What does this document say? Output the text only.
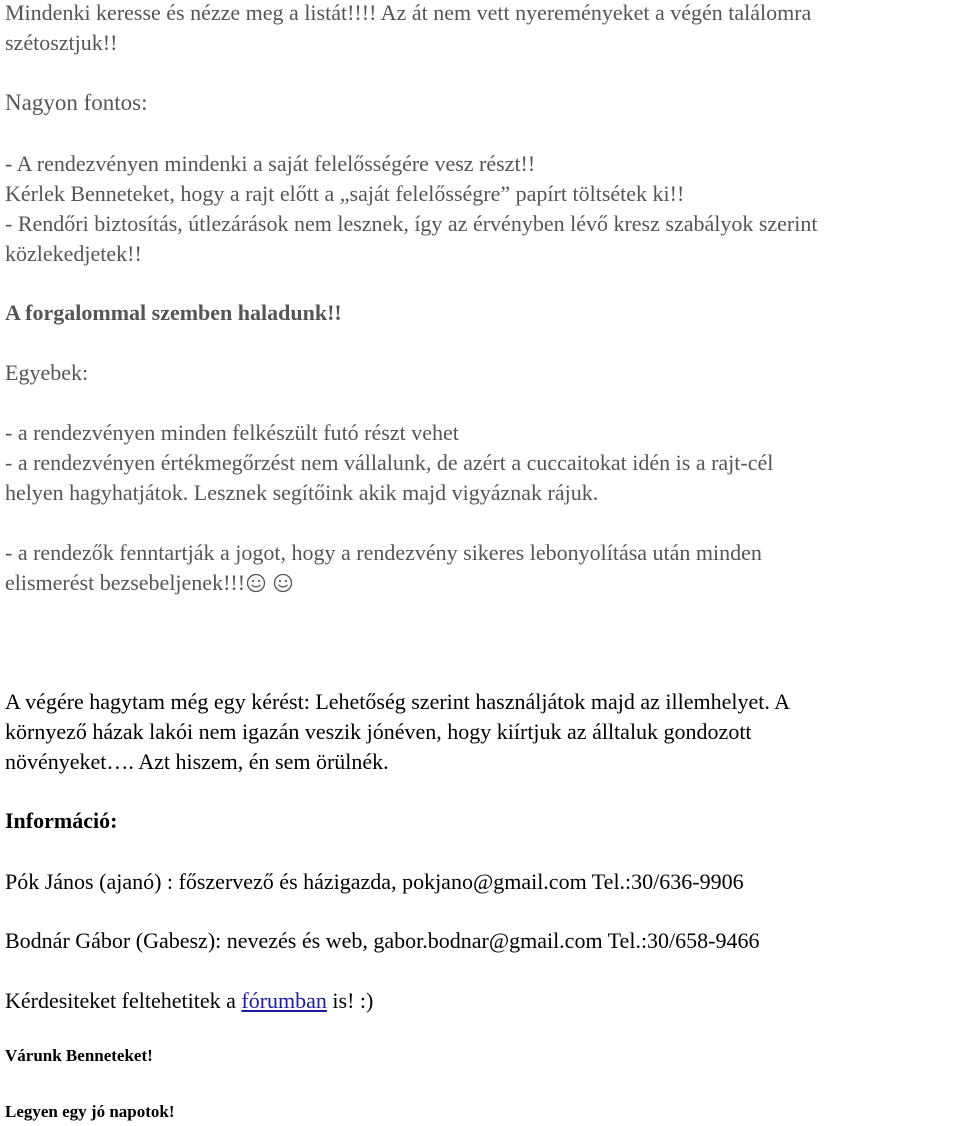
Mindenki keresse és nézze meg a listát!!!! Az át nem vett nyereményeket a végén találomra
szétosztjuk!!
Nagyon fontos:
- A rendezvényen mindenki a saját felelősségére vesz részt!!
Kérlek Benneteket, hogy a rajt előtt a „saját felelősségre” papírt töltsétek ki!!
- Rendőri biztosítás, útlezárások nem lesznek, így az érvényben lévő kresz szabályok szerint
közlekedjetek!!
A forgalommal szemben haladunk!!
Egyebek:
- a rendezvényen minden felkészült futó részt vehet
- a rendezvényen értékmegőrzést nem vállalunk, de azért a cuccaitokat idén is a rajt-cél
helyen hagyhatjátok. Lesznek segítőink akik majd vigyáznak rájuk.
- a rendezők fenntartják a jogot, hogy a rendezvény sikeres lebonyolítása után minden
elismerést bezsebeljenek!!!
A végére hagytam még egy kérést: Lehetőség szerint használjátok majd az illemhelyet. A
környező házak lakói nem igazán veszik jónéven, hogy kiírtjuk az álltaluk gondozott
növényeket…. Azt hiszem, én sem örülnék.
Információ:
Pók János (ajanó) : főszervező és házigazda, pokjano@gmail.com Tel.:30/636-9906
Bodnár Gábor (Gabesz): nevezés és web, gabor.bodnar@gmail.com Tel.:30/658-9466
Kérdesiteket feltehetitek a fórumban is! :)
Várunk Benneteket!
Legyen egy jó napotok!
